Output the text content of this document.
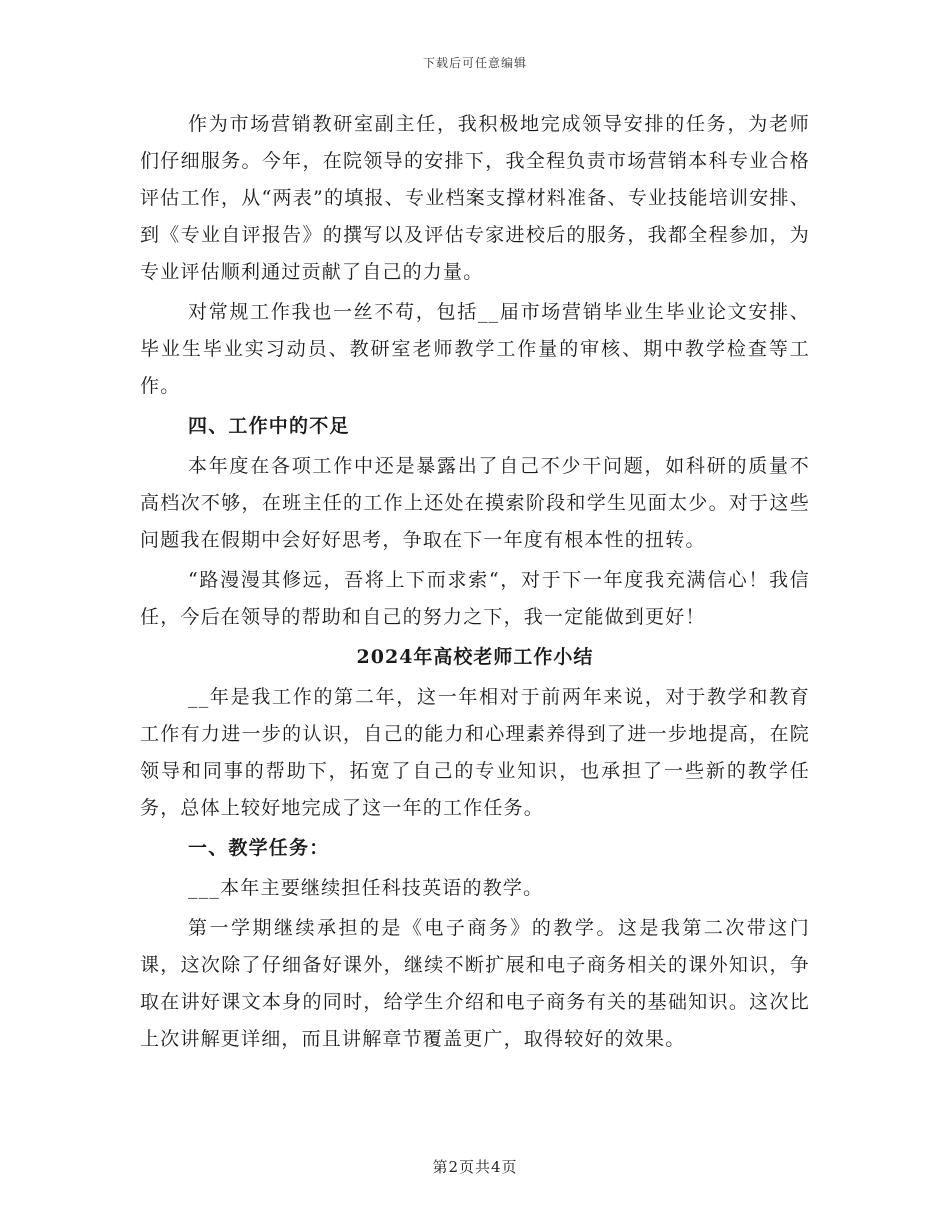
下载后可任意编辑

作为市场营销教研室副主任，我积极地完成领导安排的任务，为老师们仔细服务。今年，在院领导的安排下，我全程负责市场营销本科专业合格评估工作，从“两表”的填报、专业档案支撑材料准备、专业技能培训安排、到《专业自评报告》的撰写以及评估专家进校后的服务，我都全程参加，为专业评估顺利通过贡献了自己的力量。

对常规工作我也一丝不苟，包括__届市场营销毕业生毕业论文安排、毕业生毕业实习动员、教研室老师教学工作量的审核、期中教学检查等工作。

四、工作中的不足

本年度在各项工作中还是暴露出了自己不少干问题，如科研的质量不高档次不够，在班主任的工作上还处在摸索阶段和学生见面太少。对于这些问题我在假期中会好好思考，争取在下一年度有根本性的扭转。

“路漫漫其修远，吾将上下而求索“，对于下一年度我充满信心！我信任，今后在领导的帮助和自己的努力之下，我一定能做到更好！

2024年高校老师工作小结

__年是我工作的第二年，这一年相对于前两年来说，对于教学和教育工作有力进一步的认识，自己的能力和心理素养得到了进一步地提高，在院领导和同事的帮助下，拓宽了自己的专业知识，也承担了一些新的教学任务，总体上较好地完成了这一年的工作任务。

一、教学任务：

___本年主要继续担任科技英语的教学。

第一学期继续承担的是《电子商务》的教学。这是我第二次带这门课，这次除了仔细备好课外，继续不断扩展和电子商务相关的课外知识，争取在讲好课文本身的同时，给学生介绍和电子商务有关的基础知识。这次比上次讲解更详细，而且讲解章节覆盖更广，取得较好的效果。

第2页共4页
